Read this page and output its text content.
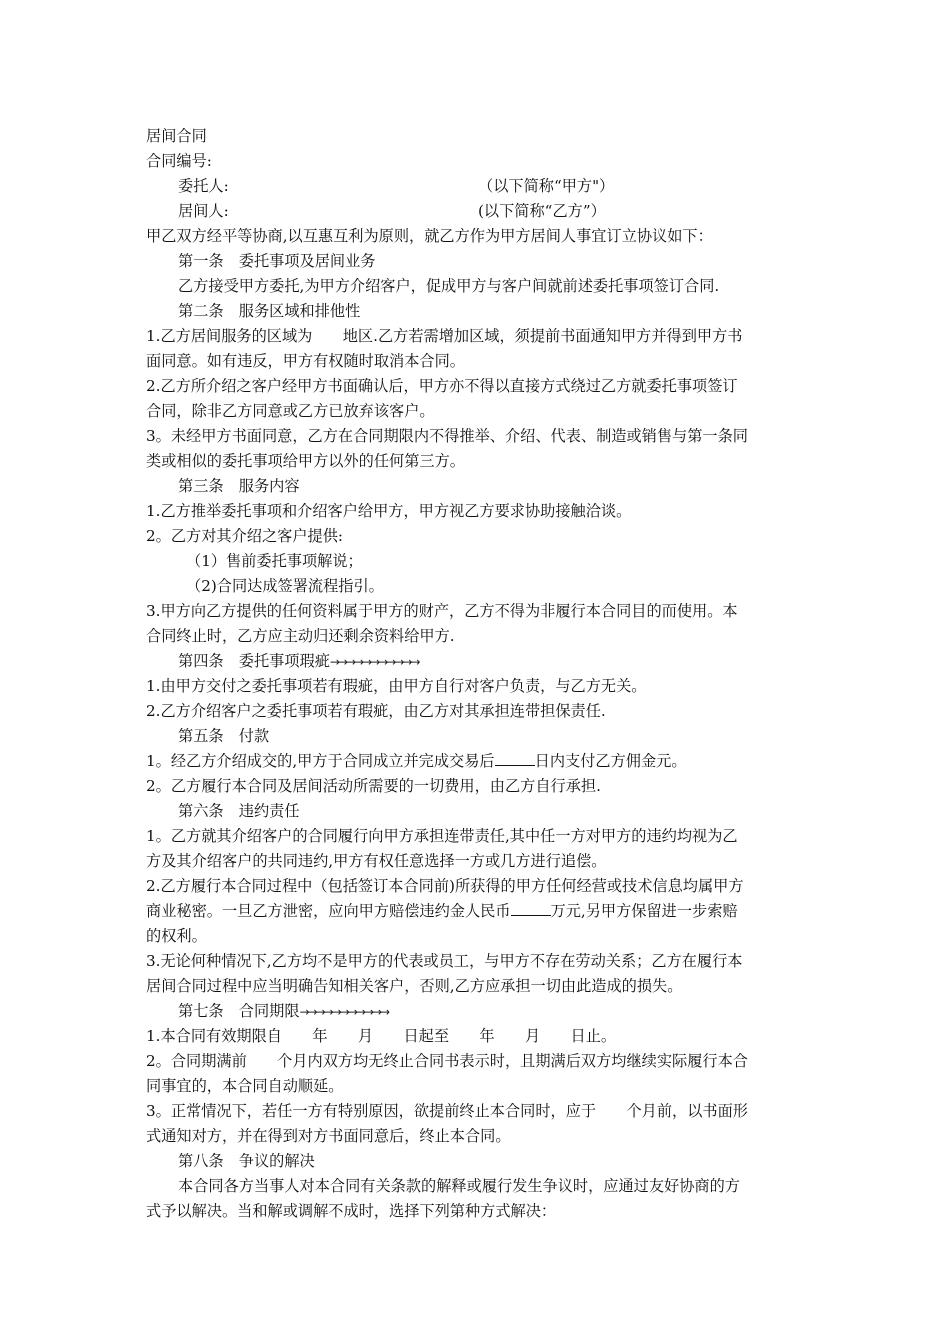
居间合同
合同编号:
委托人:	（以下简称“甲方"）
居间人:	(以下简称“乙方”）
甲乙双方经平等协商,以互惠互利为原则，就乙方作为甲方居间人事宜订立协议如下：
第一条　委托事项及居间业务
乙方接受甲方委托,为甲方介绍客户，促成甲方与客户间就前述委托事项签订合同.
第二条　服务区域和排他性
1.乙方居间服务的区域为　　地区.乙方若需增加区域，须提前书面通知甲方并得到甲方书
面同意。如有违反，甲方有权随时取消本合同。
2.乙方所介绍之客户经甲方书面确认后，甲方亦不得以直接方式绕过乙方就委托事项签订
合同，除非乙方同意或乙方已放弃该客户。
3。未经甲方书面同意，乙方在合同期限内不得推举、介绍、代表、制造或销售与第一条同
类或相似的委托事项给甲方以外的任何第三方。
第三条　服务内容
1.乙方推举委托事项和介绍客户给甲方，甲方视乙方要求协助接触洽谈。
2。乙方对其介绍之客户提供:
（1）售前委托事项解说；
（2)合同达成签署流程指引。
3.甲方向乙方提供的任何资料属于甲方的财产，乙方不得为非履行本合同目的而使用。本
合同终止时，乙方应主动归还剩余资料给甲方.
第四条　委托事项瑕疵→→→→→→→→→→→
1.由甲方交付之委托事项若有瑕疵，由甲方自行对客户负责，与乙方无关。
2.乙方介绍客户之委托事项若有瑕疵，由乙方对其承担连带担保责任.
第五条　付款
1。经乙方介绍成交的,甲方于合同成立并完成交易后	日内支付乙方佣金元。
2。乙方履行本合同及居间活动所需要的一切费用，由乙方自行承担.
第六条　违约责任
1。乙方就其介绍客户的合同履行向甲方承担连带责任,其中任一方对甲方的违约均视为乙
方及其介绍客户的共同违约,甲方有权任意选择一方或几方进行追偿。
2.乙方履行本合同过程中（包括签订本合同前)所获得的甲方任何经营或技术信息均属甲方
商业秘密。一旦乙方泄密，应向甲方赔偿违约金人民币	万元,另甲方保留进一步索赔
的权利。
3.无论何种情况下,乙方均不是甲方的代表或员工，与甲方不存在劳动关系；乙方在履行本
居间合同过程中应当明确告知相关客户，否则,乙方应承担一切由此造成的损失。
第七条　合同期限→→→→→→→→→→→
1.本合同有效期限自　　年　　月　　日起至　　年　　月　　日止。
2。合同期满前　　个月内双方均无终止合同书表示时，且期满后双方均继续实际履行本合
同事宜的，本合同自动顺延。
3。正常情况下，若任一方有特别原因，欲提前终止本合同时，应于　　个月前，以书面形
式通知对方，并在得到对方书面同意后，终止本合同。
第八条　争议的解决
本合同各方当事人对本合同有关条款的解释或履行发生争议时，应通过友好协商的方
式予以解决。当和解或调解不成时，选择下列第种方式解决：
